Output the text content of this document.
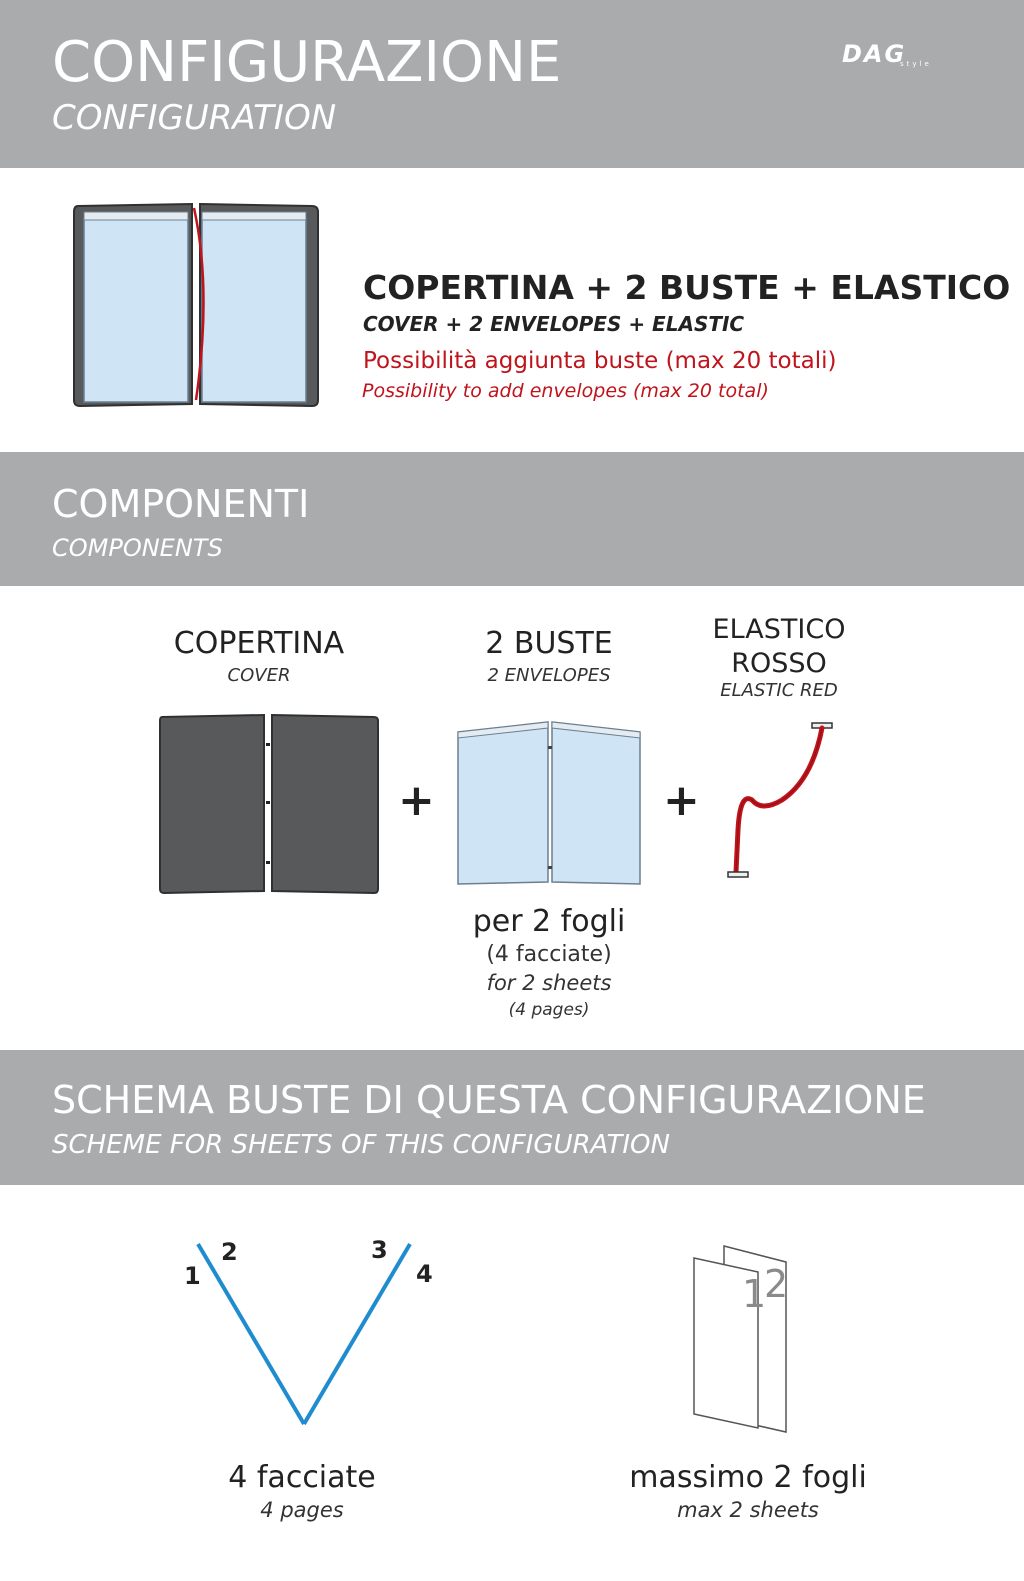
CONFIGURAZIONE
CONFIGURATION
DAG
style
COPERTINA + 2 BUSTE + ELASTICO
COVER + 2 ENVELOPES + ELASTIC
Possibilità aggiunta buste (max 20 totali)
Possibility to add envelopes (max 20 total)
COMPONENTI
COMPONENTS
COPERTINA
COVER
2 BUSTE
2 ENVELOPES
ELASTICO
ROSSO
ELASTIC RED
+	+
per 2 fogli
(4 facciate)
for 2 sheets
(4 pages)
SCHEMA BUSTE DI QUESTA CONFIGURAZIONE
SCHEME FOR SHEETS OF THIS CONFIGURATION
1
2	3
4
4 facciate
4 pages
1
2
massimo 2 fogli
max 2 sheets
